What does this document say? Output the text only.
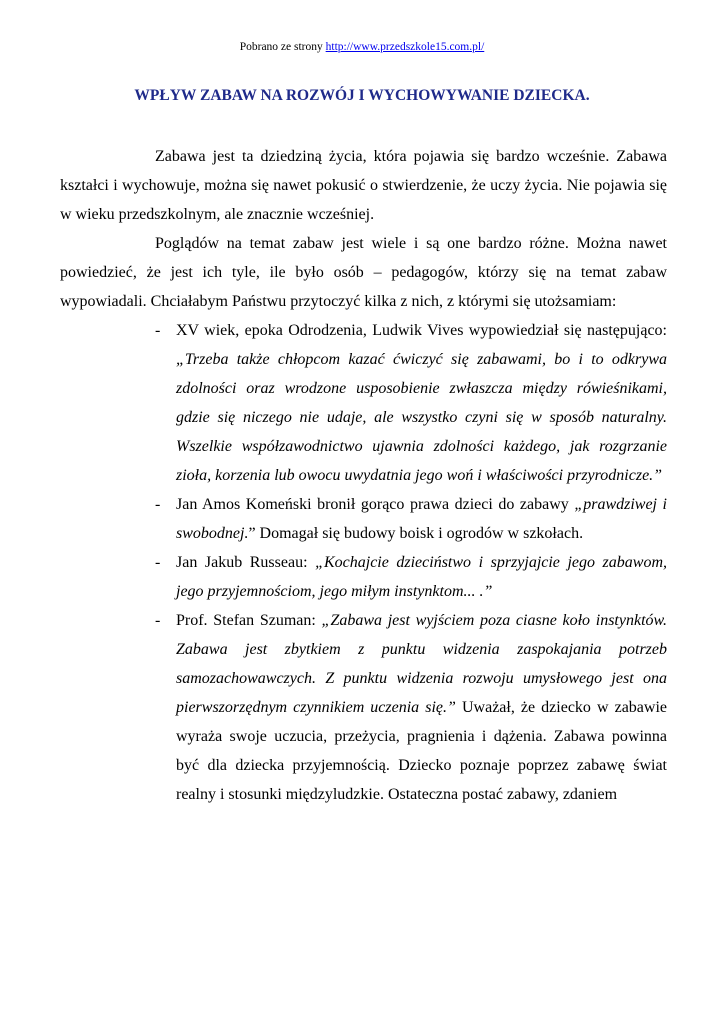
Pobrano ze strony http://www.przedszkole15.com.pl/
WPŁYW ZABAW NA ROZWÓJ I WYCHOWYWANIE DZIECKA.

Zabawa jest ta dziedziną życia, która pojawia się bardzo wcześnie. Zabawa kształci i wychowuje, można się nawet pokusić o stwierdzenie, że uczy życia. Nie pojawia się w wieku przedszkolnym, ale znacznie wcześniej.

Poglądów na temat zabaw jest wiele i są one bardzo różne. Można nawet powiedzieć, że jest ich tyle, ile było osób – pedagogów, którzy się na temat zabaw wypowiadali. Chciałabym Państwu przytoczyć kilka z nich, z którymi się utożsamiam:

- XV wiek, epoka Odrodzenia, Ludwik Vives wypowiedział się następująco: „Trzeba także chłopcom kazać ćwiczyć się zabawami, bo i to odkrywa zdolności oraz wrodzone usposobienie zwłaszcza między rówieśnikami, gdzie się niczego nie udaje, ale wszystko czyni się w sposób naturalny. Wszelkie współzawodnictwo ujawnia zdolności każdego, jak rozgrzanie zioła, korzenia lub owocu uwydatnia jego woń i właściwości przyrodnicze.”
- Jan Amos Komeński bronił gorąco prawa dzieci do zabawy „prawdziwej i swobodnej.” Domagał się budowy boisk i ogrodów w szkołach.
- Jan Jakub Russeau: „Kochajcie dzieciństwo i sprzyjajcie jego zabawom, jego przyjemnościom, jego miłym instynktom... .”
- Prof. Stefan Szuman: „Zabawa jest wyjściem poza ciasne koło instynktów. Zabawa jest zbytkiem z punktu widzenia zaspokajania potrzeb samozachowawczych. Z punktu widzenia rozwoju umysłowego jest ona pierwszorzędnym czynnikiem uczenia się.” Uważał, że dziecko w zabawie wyraża swoje uczucia, przeżycia, pragnienia i dążenia. Zabawa powinna być dla dziecka przyjemnością. Dziecko poznaje poprzez zabawę świat realny i stosunki międzyludzkie. Ostateczna postać zabawy, zdaniem
